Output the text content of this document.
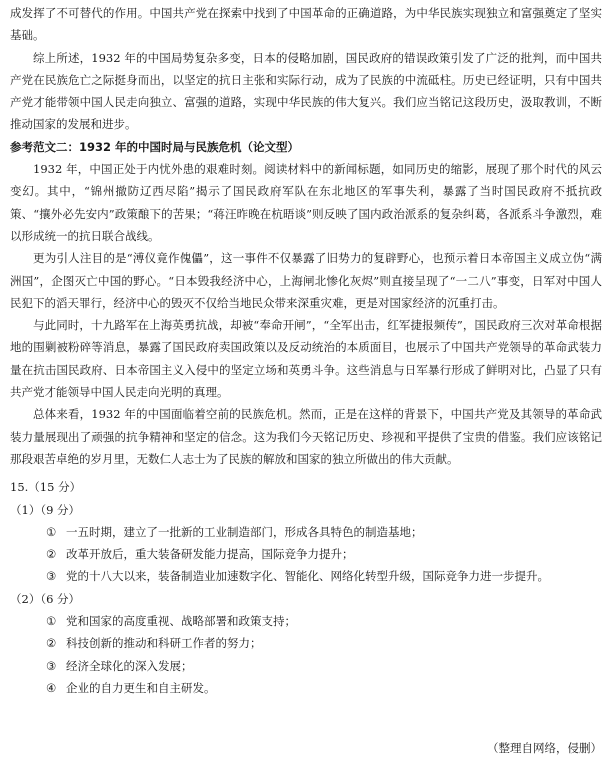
成发挥了不可替代的作用。中国共产党在探索中找到了中国革命的正确道路，为中华民族实现独立和富强奠定了坚实基础。

综上所述，1932 年的中国局势复杂多变，日本的侵略加剧，国民政府的错误政策引发了广泛的批判，而中国共产党在民族危亡之际挺身而出，以坚定的抗日主张和实际行动，成为了民族的中流砥柱。历史已经证明，只有中国共产党才能带领中国人民走向独立、富强的道路，实现中华民族的伟大复兴。我们应当铭记这段历史，汲取教训，不断推动国家的发展和进步。

参考范文二：1932 年的中国时局与民族危机（论文型）

1932 年，中国正处于内忧外患的艰难时刻。阅读材料中的新闻标题，如同历史的缩影，展现了那个时代的风云变幻。其中，“锦州撤防辽西尽陷”揭示了国民政府军队在东北地区的军事失利，暴露了当时国民政府不抵抗政策、“攘外必先安内”政策酿下的苦果；“蒋汪昨晚在杭晤谈”则反映了国内政治派系的复杂纠葛，各派系斗争激烈，难以形成统一的抗日联合战线。

更为引人注目的是“溥仪竟作傀儡”，这一事件不仅暴露了旧势力的复辟野心，也预示着日本帝国主义成立伪“满洲国”，企图灭亡中国的野心。“日本毁我经济中心，上海闸北惨化灰烬”则直接呈现了“一二八”事变，日军对中国人民犯下的滔天罪行，经济中心的毁灭不仅给当地民众带来深重灾难，更是对国家经济的沉重打击。

与此同时，十九路军在上海英勇抗战，却被“奉命开闸”，“全军出击，红军捷报频传”，国民政府三次对革命根据地的围剿被粉碎等消息，暴露了国民政府卖国政策以及反动统治的本质面目，也展示了中国共产党领导的革命武装力量在抗击国民政府、日本帝国主义入侵中的坚定立场和英勇斗争。这些消息与日军暴行形成了鲜明对比，凸显了只有共产党才能领导中国人民走向光明的真理。

总体来看，1932 年的中国面临着空前的民族危机。然而，正是在这样的背景下，中国共产党及其领导的革命武装力量展现出了顽强的抗争精神和坚定的信念。这为我们今天铭记历史、珍视和平提供了宝贵的借鉴。我们应该铭记那段艰苦卓绝的岁月里，无数仁人志士为了民族的解放和国家的独立所做出的伟大贡献。

15.（15 分）

（1）（9 分）

① 一五时期，建立了一批新的工业制造部门，形成各具特色的制造基地；
② 改革开放后，重大装备研发能力提高，国际竞争力提升；
③ 党的十八大以来，装备制造业加速数字化、智能化、网络化转型升级，国际竞争力进一步提升。

（2）（6 分）

① 党和国家的高度重视、战略部署和政策支持；
② 科技创新的推动和科研工作者的努力；
③ 经济全球化的深入发展；
④ 企业的自力更生和自主研发。
（整理自网络，侵删）
